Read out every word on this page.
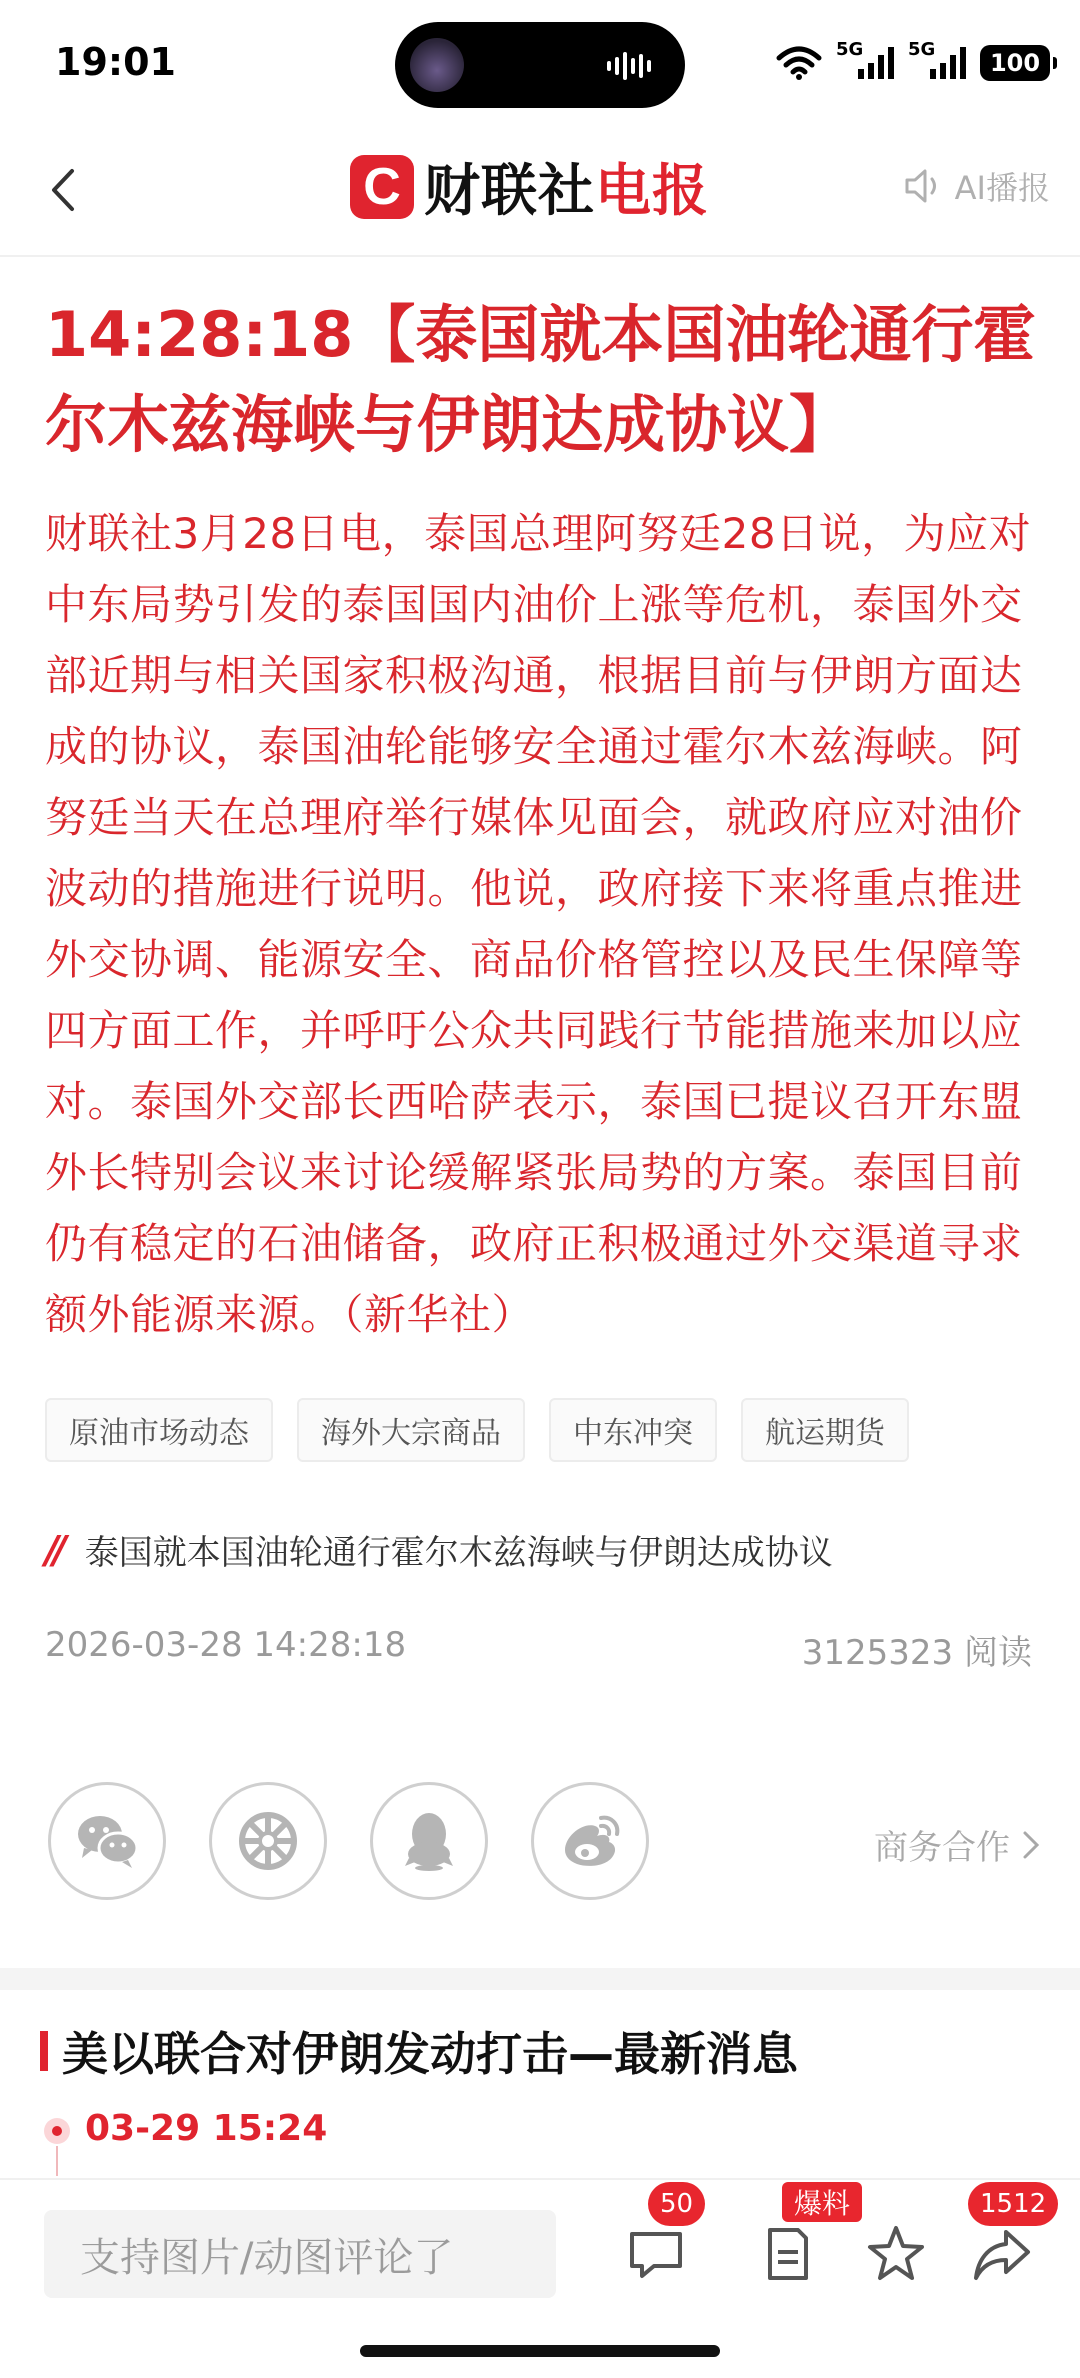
19:01	5G 5G	100
C 财联社电报	AI播报
14:28:18【泰国就本国油轮通行霍尔木兹海峡与伊朗达成协议】
财联社3月28日电，泰国总理阿努廷28日说，为应对中东局势引发的泰国国内油价上涨等危机，泰国外交部近期与相关国家积极沟通，根据目前与伊朗方面达成的协议，泰国油轮能够安全通过霍尔木兹海峡。阿努廷当天在总理府举行媒体见面会，就政府应对油价波动的措施进行说明。他说，政府接下来将重点推进外交协调、能源安全、商品价格管控以及民生保障等四方面工作，并呼吁公众共同践行节能措施来加以应对。泰国外交部长西哈萨表示，泰国已提议召开东盟外长特别会议来讨论缓解紧张局势的方案。泰国目前仍有稳定的石油储备，政府正积极通过外交渠道寻求额外能源来源。（新华社）
原油市场动态	海外大宗商品	中东冲突	航运期货
// 泰国就本国油轮通行霍尔木兹海峡与伊朗达成协议
2026-03-28 14:28:18	3125323 阅读
商务合作
美以联合对伊朗发动打击—最新消息
03-29 15:24
支持图片/动图评论了
50	爆料	1512
